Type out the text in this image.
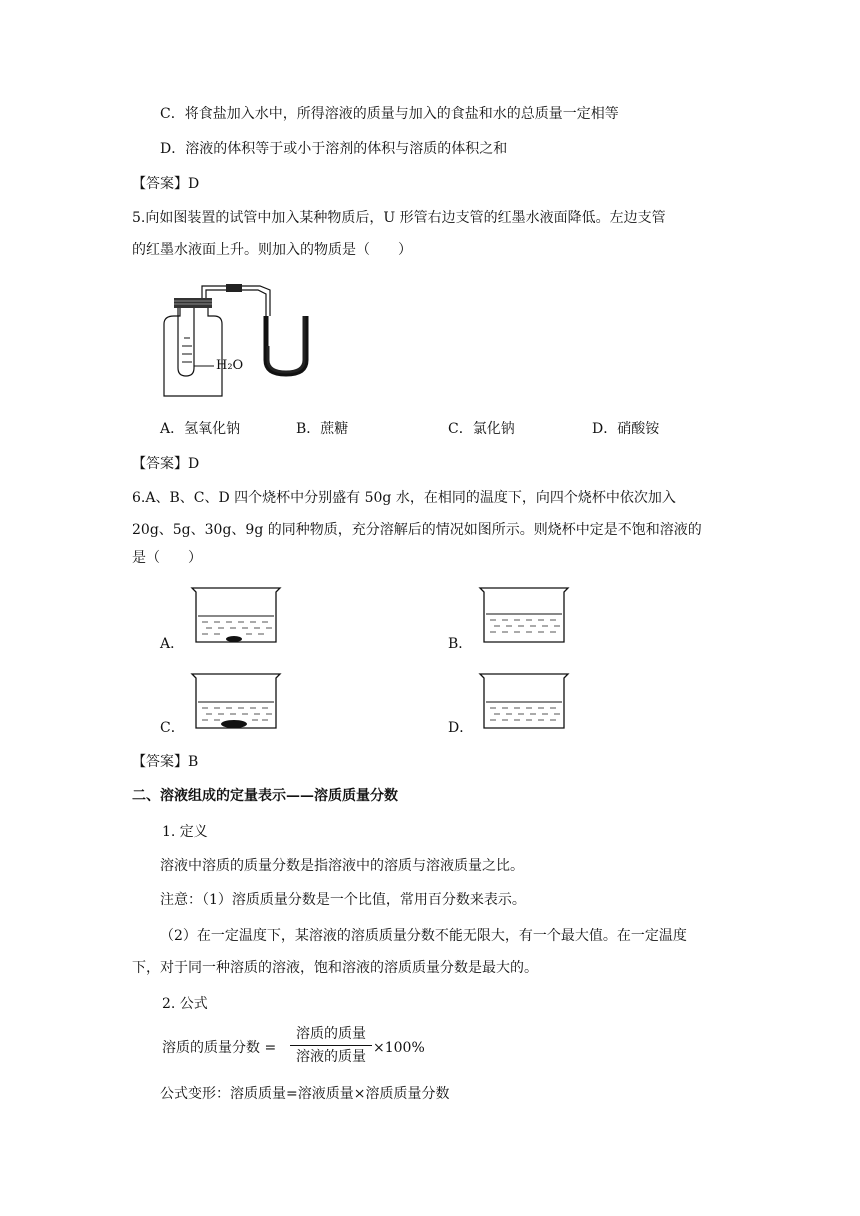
C．将食盐加入水中，所得溶液的质量与加入的食盐和水的总质量一定相等
D．溶液的体积等于或小于溶剂的体积与溶质的体积之和
【答案】D
5.向如图装置的试管中加入某种物质后，U 形管右边支管的红墨水液面降低。左边支管
的红墨水液面上升。则加入的物质是（　　）
H₂O
A．氢氧化钠	B．蔗糖	C．氯化钠	D．硝酸铵
【答案】D
6.A、B、C、D 四个烧杯中分别盛有 50g 水，在相同的温度下，向四个烧杯中依次加入
20g、5g、30g、9g 的同种物质，充分溶解后的情况如图所示。则烧杯中定是不饱和溶液的
是（　　）
A．	B．
C．	D．
【答案】B
二、溶液组成的定量表示——溶质质量分数
1. 定义
溶液中溶质的质量分数是指溶液中的溶质与溶液质量之比。
注意：（1）溶质质量分数是一个比值，常用百分数来表示。
（2）在一定温度下，某溶液的溶质质量分数不能无限大，有一个最大值。在一定温度
下，对于同一种溶质的溶液，饱和溶液的溶质质量分数是最大的。
2. 公式
溶质的质量分数 =
溶质的质量
溶液的质量
×100%
公式变形：溶质质量=溶液质量×溶质质量分数
